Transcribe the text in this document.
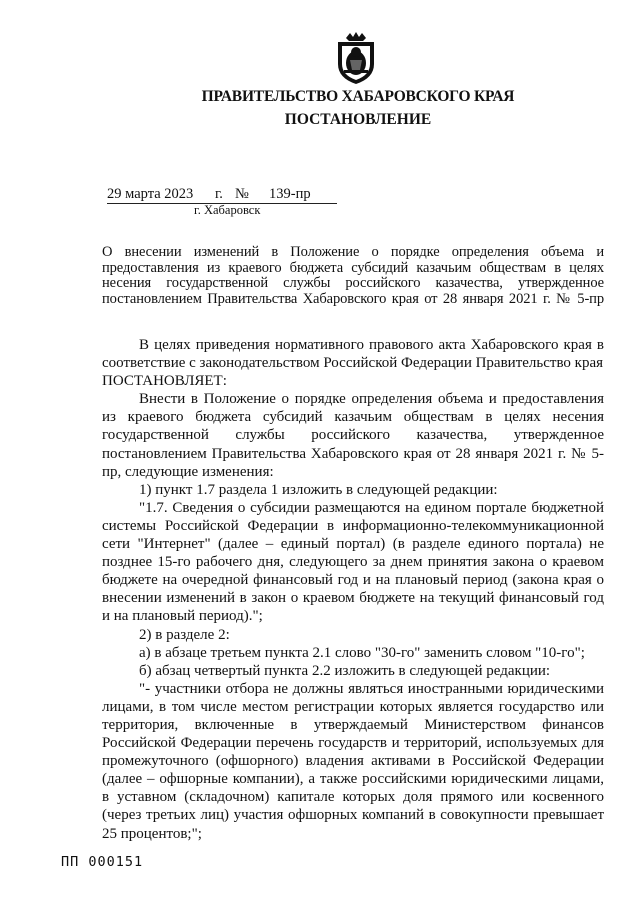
ПРАВИТЕЛЬСТВО ХАБАРОВСКОГО КРАЯ
ПОСТАНОВЛЕНИЕ
29 марта 2023 г. № 139-пр
г. Хабаровск
О внесении изменений в Положение о порядке определения объема и предоставления из краевого бюджета субсидий казачьим обществам в целях несения государственной службы российского казачества, утвержденное постановлением Правительства Хабаровского края от 28 января 2021 г. № 5-пр

В целях приведения нормативного правового акта Хабаровского края в соответствие с законодательством Российской Федерации Правительство края

ПОСТАНОВЛЯЕТ:

Внести в Положение о порядке определения объема и предоставления из краевого бюджета субсидий казачьим обществам в целях несения государственной службы российского казачества, утвержденное постановлением Правительства Хабаровского края от 28 января 2021 г. № 5-пр, следующие изменения:

1) пункт 1.7 раздела 1 изложить в следующей редакции:

"1.7. Сведения о субсидии размещаются на едином портале бюджетной системы Российской Федерации в информационно-телекоммуникационной сети "Интернет" (далее – единый портал) (в разделе единого портала) не позднее 15-го рабочего дня, следующего за днем принятия закона о краевом бюджете на очередной финансовый год и на плановый период (закона края о внесении изменений в закон о краевом бюджете на текущий финансовый год и на плановый период).";

2) в разделе 2:

а) в абзаце третьем пункта 2.1 слово "30-го" заменить словом "10-го";

б) абзац четвертый пункта 2.2 изложить в следующей редакции:

"- участники отбора не должны являться иностранными юридическими лицами, в том числе местом регистрации которых является государство или территория, включенные в утверждаемый Министерством финансов Российской Федерации перечень государств и территорий, используемых для промежуточного (офшорного) владения активами в Российской Федерации (далее – офшорные компании), а также российскими юридическими лицами, в уставном (складочном) капитале которых доля прямого или косвенного (через третьих лиц) участия офшорных компаний в совокупности превышает 25 процентов;";

ПП 000151
